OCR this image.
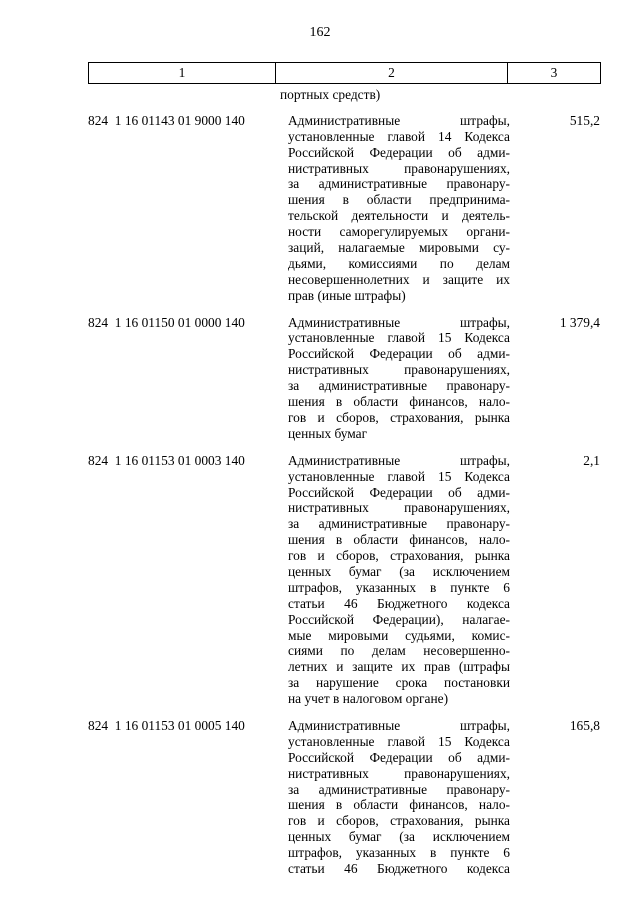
162
1	2	3
портных средств)
824  1 16 01143 01 9000 140	Административные штрафы,
установленные главой 14 Кодекса
Российской Федерации об адми-
нистративных правонарушениях,
за административные правонару-
шения в области предпринима-
тельской деятельности и деятель-
ности саморегулируемых органи-
заций, налагаемые мировыми су-
дьями, комиссиями по делам
несовершеннолетних и защите их
прав (иные штрафы)
515,2
824  1 16 01150 01 0000 140	Административные штрафы,
установленные главой 15 Кодекса
Российской Федерации об адми-
нистративных правонарушениях,
за административные правонару-
шения в области финансов, нало-
гов и сборов, страхования, рынка
ценных бумаг
1 379,4
824  1 16 01153 01 0003 140	Административные штрафы,
установленные главой 15 Кодекса
Российской Федерации об адми-
нистративных правонарушениях,
за административные правонару-
шения в области финансов, нало-
гов и сборов, страхования, рынка
ценных бумаг (за исключением
штрафов, указанных в пункте 6
статьи 46 Бюджетного кодекса
Российской Федерации), налагае-
мые мировыми судьями, комис-
сиями по делам несовершенно-
летних и защите их прав (штрафы
за нарушение срока постановки
на учет в налоговом органе)
2,1
824  1 16 01153 01 0005 140	Административные штрафы,
установленные главой 15 Кодекса
Российской Федерации об адми-
нистративных правонарушениях,
за административные правонару-
шения в области финансов, нало-
гов и сборов, страхования, рынка
ценных бумаг (за исключением
штрафов, указанных в пункте 6
статьи 46 Бюджетного кодекса
165,8
